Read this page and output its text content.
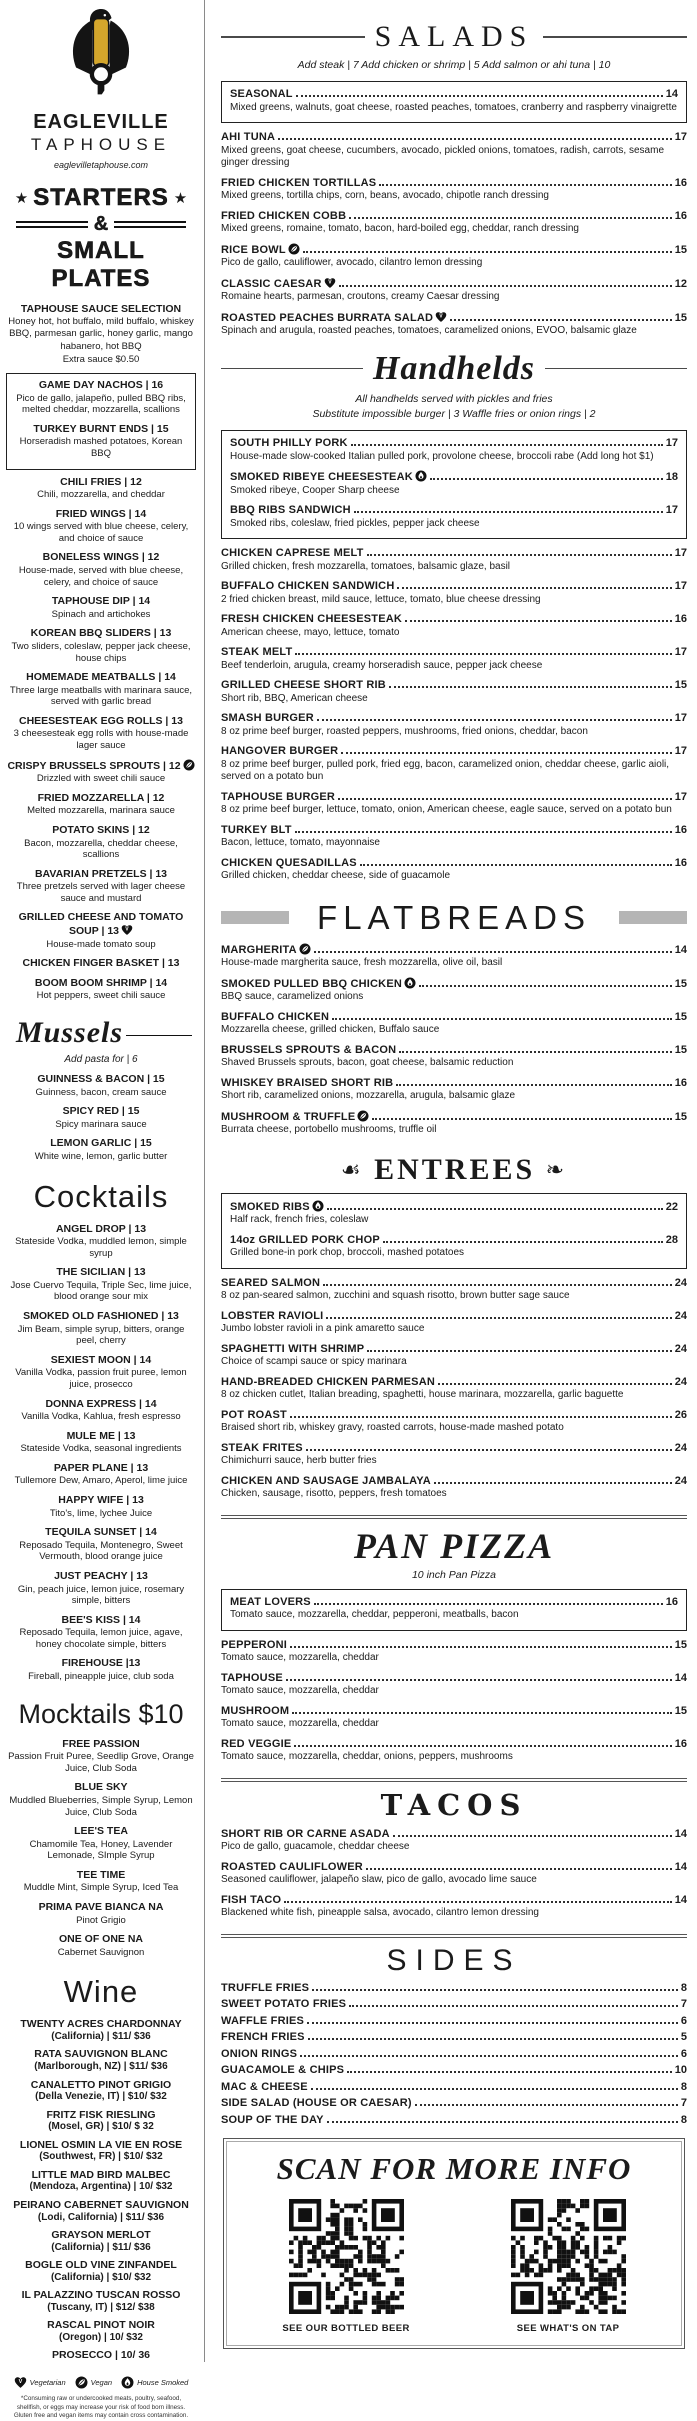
EAGLEVILLE
TAPHOUSE
eaglevilletaphouse.com
★ STARTERS ★
&
SMALL PLATES
TAPHOUSE SAUCE SELECTION
Honey hot, hot buffalo, mild buffalo, whiskey BBQ, parmesan garlic, honey garlic, mango habanero, hot BBQ
Extra sauce $0.50
GAME DAY NACHOS | 16
Pico de gallo, jalapeño, pulled BBQ ribs, melted cheddar, mozzarella, scallions
TURKEY BURNT ENDS | 15
Horseradish mashed potatoes, Korean BBQ
CHILI FRIES | 12
Chili, mozzarella, and cheddar
FRIED WINGS | 14
10 wings served with blue cheese, celery, and choice of sauce
BONELESS WINGS | 12
House-made, served with blue cheese, celery, and choice of sauce
TAPHOUSE DIP | 14
Spinach and artichokes
KOREAN BBQ SLIDERS | 13
Two sliders, coleslaw, pepper jack cheese, house chips
HOMEMADE MEATBALLS | 14
Three large meatballs with marinara sauce, served with garlic bread
CHEESESTEAK EGG ROLLS | 13
3 cheesesteak egg rolls with house-made lager sauce
CRISPY BRUSSELS SPROUTS | 12
Drizzled with sweet chili sauce
FRIED MOZZARELLA | 12
Melted mozzarella, marinara sauce
POTATO SKINS | 12
Bacon, mozzarella, cheddar cheese, scallions
BAVARIAN PRETZELS | 13
Three pretzels served with lager cheese sauce and mustard
GRILLED CHEESE AND TOMATO SOUP | 13 V
House-made tomato soup
CHICKEN FINGER BASKET | 13
BOOM BOOM SHRIMP | 14
Hot peppers, sweet chili sauce
Mussels
Add pasta for | 6
GUINNESS & BACON | 15
Guinness, bacon, cream sauce
SPICY RED | 15
Spicy marinara sauce
LEMON GARLIC | 15
White wine, lemon, garlic butter
Cocktails
ANGEL DROP | 13
Stateside Vodka, muddled lemon, simple syrup
THE SICILIAN | 13
Jose Cuervo Tequila, Triple Sec, lime juice, blood orange sour mix
SMOKED OLD FASHIONED | 13
Jim Beam, simple syrup, bitters, orange peel, cherry
SEXIEST MOON | 14
Vanilla Vodka, passion fruit puree, lemon juice, prosecco
DONNA EXPRESS | 14
Vanilla Vodka, Kahlua, fresh espresso
MULE ME | 13
Stateside Vodka, seasonal ingredients
PAPER PLANE | 13
Tullemore Dew, Amaro, Aperol, lime juice
HAPPY WIFE | 13
Tito's, lime, lychee Juice
TEQUILA SUNSET | 14
Reposado Tequila, Montenegro, Sweet Vermouth, blood orange juice
JUST PEACHY | 13
Gin, peach juice, lemon juice, rosemary simple, bitters
BEE'S KISS | 14
Reposado Tequila, lemon juice, agave, honey chocolate simple, bitters
FIREHOUSE |13
Fireball, pineapple juice, club soda
Mocktails $10
FREE PASSION
Passion Fruit Puree, Seedlip Grove, Orange Juice, Club Soda
BLUE SKY
Muddled Blueberries, Simple Syrup, Lemon Juice, Club Soda
LEE'S TEA
Chamomile Tea, Honey, Lavender Lemonade, SImple Syrup
TEE TIME
Muddle Mint, Simple Syrup, Iced Tea
PRIMA PAVE BIANCA NA
Pinot Grigio
ONE OF ONE NA
Cabernet Sauvignon
Wine
TWENTY ACRES CHARDONNAY
(California) | $11/ $36
RATA SAUVIGNON BLANC
(Marlborough, NZ) | $11/ $36
CANALETTO PINOT GRIGIO
(Della Venezie, IT) | $10/ $32
FRITZ FISK RIESLING
(Mosel, GR) | $10/ $ 32
LIONEL OSMIN LA VIE EN ROSE
(Southwest, FR) | $10/ $32
LITTLE MAD BIRD MALBEC
(Mendoza, Argentina) | 10/ $32
PEIRANO CABERNET SAUVIGNON
(Lodi, California) | $11/ $36
GRAYSON MERLOT
(California) | $11/ $36
BOGLE OLD VINE ZINFANDEL
(California) | $10/ $32
IL PALAZZINO TUSCAN ROSSO
(Tuscany, IT) | $12/ $38
RASCAL PINOT NOIR
(Oregon) | 10/ $32
PROSECCO | 10/ 36
V Vegetarian	Vegan	House Smoked
*Consuming raw or undercooked meats, poultry, seafood, shellfish, or eggs may increase your risk of food born illness. Gluten free and vegan items may contain cross contamination.
SALADS
Add steak | 7 Add chicken or shrimp | 5 Add salmon or ahi tuna | 10
SEASONAL	14
Mixed greens, walnuts, goat cheese, roasted peaches, tomatoes, cranberry and raspberry vinaigrette
AHI TUNA	17
Mixed greens, goat cheese, cucumbers, avocado, pickled onions, tomatoes, radish, carrots, sesame ginger dressing
FRIED CHICKEN TORTILLAS	16
Mixed greens, tortilla chips, corn, beans, avocado, chipotle ranch dressing
FRIED CHICKEN COBB	16
Mixed greens, romaine, tomato, bacon, hard-boiled egg, cheddar, ranch dressing
RICE BOWL	15
Pico de gallo, cauliflower, avocado, cilantro lemon dressing
CLASSIC CAESAR V	12
Romaine hearts, parmesan, croutons, creamy Caesar dressing
ROASTED PEACHES BURRATA SALAD V	15
Spinach and arugula, roasted peaches, tomatoes, caramelized onions, EVOO, balsamic glaze
Handhelds
All handhelds served with pickles and fries
Substitute impossible burger | 3 Waffle fries or onion rings | 2
SOUTH PHILLY PORK	17
House-made slow-cooked Italian pulled pork, provolone cheese, broccoli rabe (Add long hot $1)
SMOKED RIBEYE CHEESESTEAK	18
Smoked ribeye, Cooper Sharp cheese
BBQ RIBS SANDWICH	17
Smoked ribs, coleslaw, fried pickles, pepper jack cheese
CHICKEN CAPRESE MELT	17
Grilled chicken, fresh mozzarella, tomatoes, balsamic glaze, basil
BUFFALO CHICKEN SANDWICH	17
2 fried chicken breast, mild sauce, lettuce, tomato, blue cheese dressing
FRESH CHICKEN CHEESESTEAK	16
American cheese, mayo, lettuce, tomato
STEAK MELT	17
Beef tenderloin, arugula, creamy horseradish sauce, pepper jack cheese
GRILLED CHEESE SHORT RIB	15
Short rib, BBQ, American cheese
SMASH BURGER	17
8 oz prime beef burger, roasted peppers, mushrooms, fried onions, cheddar, bacon
HANGOVER BURGER	17
8 oz prime beef burger, pulled pork, fried egg, bacon, caramelized onion, cheddar cheese, garlic aioli, served on a potato bun
TAPHOUSE BURGER	17
8 oz prime beef burger, lettuce, tomato, onion, American cheese, eagle sauce, served on a potato bun
TURKEY BLT	16
Bacon, lettuce, tomato, mayonnaise
CHICKEN QUESADILLAS	16
Grilled chicken, cheddar cheese, side of guacamole
FLATBREADS
MARGHERITA	14
House-made margherita sauce, fresh mozzarella, olive oil, basil
SMOKED PULLED BBQ CHICKEN	15
BBQ sauce, caramelized onions
BUFFALO CHICKEN	15
Mozzarella cheese, grilled chicken, Buffalo sauce
BRUSSELS SPROUTS & BACON	15
Shaved Brussels sprouts, bacon, goat cheese, balsamic reduction
WHISKEY BRAISED SHORT RIB	16
Short rib, caramelized onions, mozzarella, arugula, balsamic glaze
MUSHROOM & TRUFFLE	15
Burrata cheese, portobello mushrooms, truffle oil
☙ ENTREES ❧
SMOKED RIBS	22
Half rack, french fries, coleslaw
14oz GRILLED PORK CHOP	28
Grilled bone-in pork chop, broccoli, mashed potatoes
SEARED SALMON	24
8 oz pan-seared salmon, zucchini and squash risotto, brown butter sage sauce
LOBSTER RAVIOLI	24
Jumbo lobster ravioli in a pink amaretto sauce
SPAGHETTI WITH SHRIMP	24
Choice of scampi sauce or spicy marinara
HAND-BREADED CHICKEN PARMESAN	24
8 oz chicken cutlet, Italian breading, spaghetti, house marinara, mozzarella, garlic baguette
POT ROAST	26
Braised short rib, whiskey gravy, roasted carrots, house-made mashed potato
STEAK FRITES	24
Chimichurri sauce, herb butter fries
CHICKEN AND SAUSAGE JAMBALAYA	24
Chicken, sausage, risotto, peppers, fresh tomatoes
PAN PIZZA
10 inch Pan Pizza
MEAT LOVERS	16
Tomato sauce, mozzarella, cheddar, pepperoni, meatballs, bacon
PEPPERONI	15
Tomato sauce, mozzarella, cheddar
TAPHOUSE	14
Tomato sauce, mozzarella, cheddar
MUSHROOM	15
Tomato sauce, mozzarella, cheddar
RED VEGGIE	16
Tomato sauce, mozzarella, cheddar, onions, peppers, mushrooms
TACOS
SHORT RIB OR CARNE ASADA	14
Pico de gallo, guacamole, cheddar cheese
ROASTED CAULIFLOWER	14
Seasoned cauliflower, jalapeño slaw, pico de gallo, avocado lime sauce
FISH TACO	14
Blackened white fish, pineapple salsa, avocado, cilantro lemon dressing
SIDES
TRUFFLE FRIES	8
SWEET POTATO FRIES	7
WAFFLE FRIES	6
FRENCH FRIES	5
ONION RINGS	6
GUACAMOLE & CHIPS	10
MAC & CHEESE	8
SIDE SALAD (HOUSE OR CAESAR)	7
SOUP OF THE DAY	8
SCAN FOR MORE INFO
SEE OUR BOTTLED BEER	SEE WHAT'S ON TAP
